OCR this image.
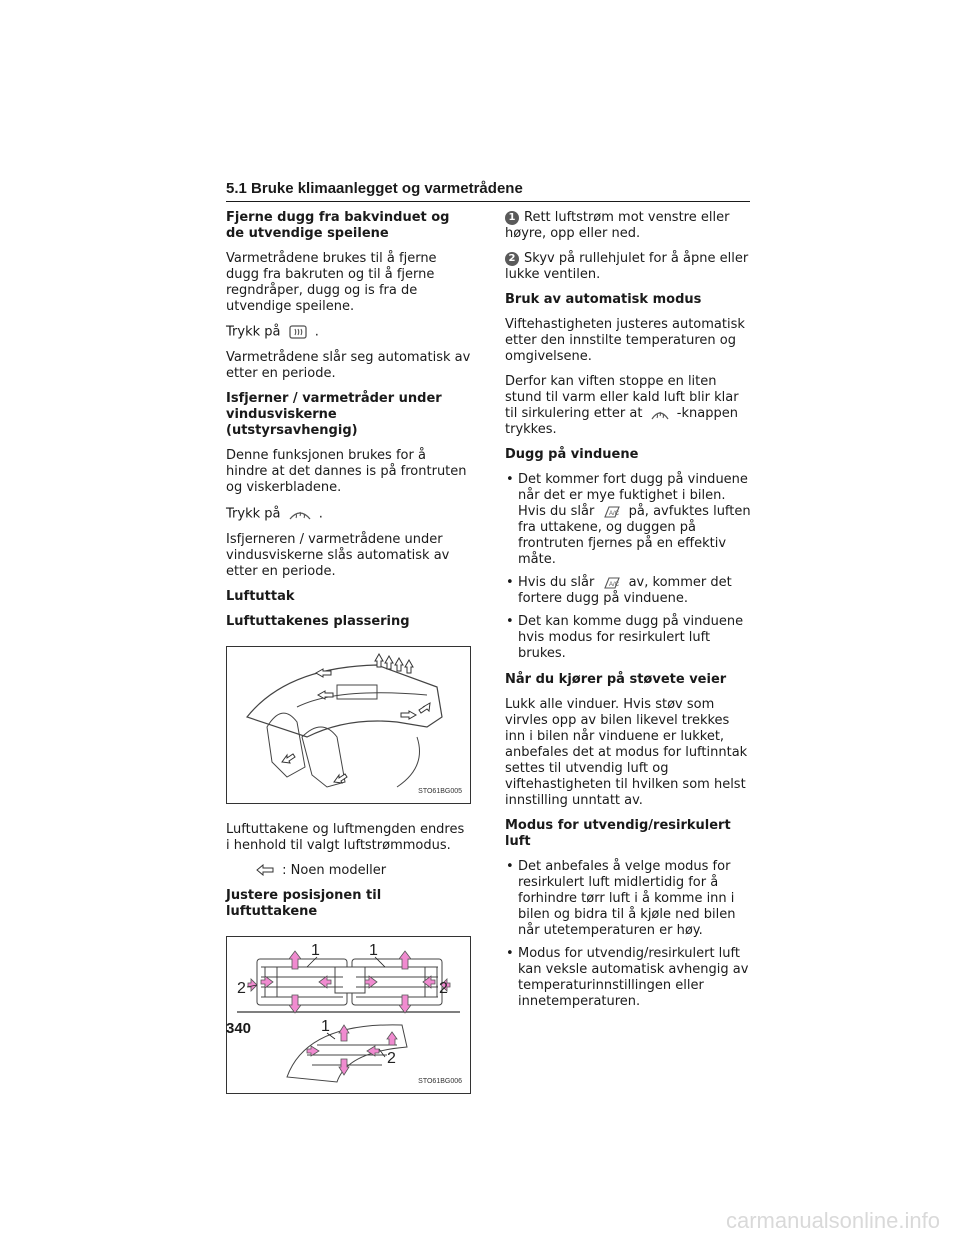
5.1 Bruke klimaanlegget og varmetrådene
Fjerne dugg fra bakvinduet og de utvendige speilene
Varmetrådene brukes til å fjerne dugg fra bakruten og til å fjerne regndråper, dugg og is fra de utvendige speilene.
Trykk på	.
Varmetrådene slår seg automatisk av etter en periode.
Isfjerner / varmetråder under vindusviskerne (utstyrsavhengig)
Denne funksjonen brukes for å hindre at det dannes is på frontruten og viskerbladene.
Trykk på	.
Isfjerneren / varmetrådene under vindusviskerne slås automatisk av etter en periode.
Luftuttak
Luftuttakenes plassering
STO61BG005
Luftuttakene og luftmengden endres i henhold til valgt luftstrømmodus.
: Noen modeller
Justere posisjonen til luftuttakene
1	1
2	2
1
2
STO61BG006
1 Rett luftstrøm mot venstre eller høyre, opp eller ned.
2 Skyv på rullehjulet for å åpne eller lukke ventilen.
Bruk av automatisk modus
Viftehastigheten justeres automatisk etter den innstilte temperaturen og omgivelsene.
Derfor kan viften stoppe en liten stund til varm eller kald luft blir klar til sirkulering etter at	-knappen trykkes.
Dugg på vinduene
• Det kommer fort dugg på vinduene når det er mye fuktighet i bilen. Hvis du slår	A/C på, avfuktes luften fra uttakene, og duggen på frontruten fjernes på en effektiv måte.
• Hvis du slår	A/C av, kommer det fortere dugg på vinduene.
• Det kan komme dugg på vinduene hvis modus for resirkulert luft brukes.
Når du kjører på støvete veier
Lukk alle vinduer. Hvis støv som virvles opp av bilen likevel trekkes inn i bilen når vinduene er lukket, anbefales det at modus for luftinntak settes til utvendig luft og viftehastigheten til hvilken som helst innstilling unntatt av.
Modus for utvendig/resirkulert luft
• Det anbefales å velge modus for resirkulert luft midlertidig for å forhindre tørr luft i å komme inn i bilen og bidra til å kjøle ned bilen når utetemperaturen er høy.
• Modus for utvendig/resirkulert luft kan veksle automatisk avhengig av temperaturinnstillingen eller innetemperaturen.
340
carmanualsonline.info
